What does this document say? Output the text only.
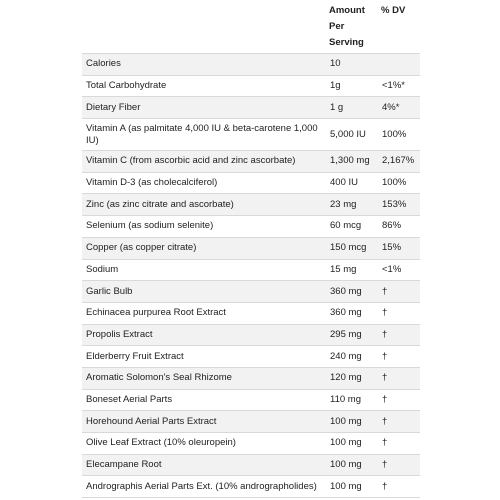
	Amount Per Serving	% DV
Calories	10	
Total Carbohydrate	1g	<1%*
Dietary Fiber	1 g	4%*
Vitamin A (as palmitate 4,000 IU & beta-carotene 1,000 IU)	5,000 IU	100%
Vitamin C (from ascorbic acid and zinc ascorbate)	1,300 mg	2,167%
Vitamin D-3 (as cholecalciferol)	400 IU	100%
Zinc (as zinc citrate and ascorbate)	23 mg	153%
Selenium (as sodium selenite)	60 mcg	86%
Copper (as copper citrate)	150 mcg	15%
Sodium	15 mg	<1%
Garlic Bulb	360 mg	†
Echinacea purpurea Root Extract	360 mg	†
Propolis Extract	295 mg	†
Elderberry Fruit Extract	240 mg	†
Aromatic Solomon's Seal Rhizome	120 mg	†
Boneset Aerial Parts	110 mg	†
Horehound Aerial Parts Extract	100 mg	†
Olive Leaf Extract (10% oleuropein)	100 mg	†
Elecampane Root	100 mg	†
Andrographis Aerial Parts Ext. (10% andrographolides)	100 mg	†
